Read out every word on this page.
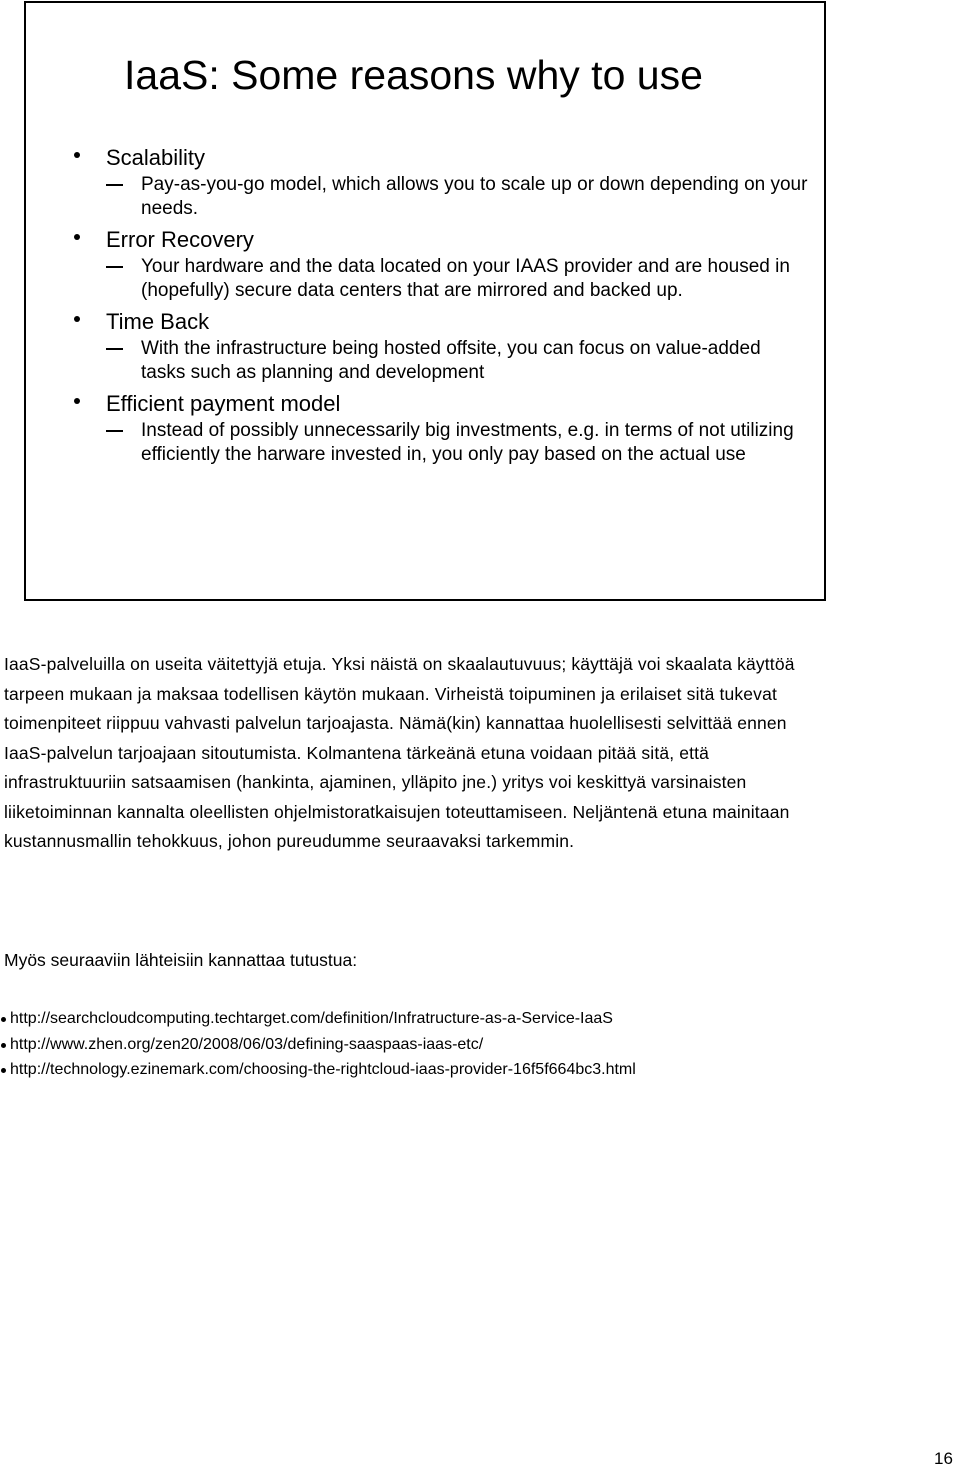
IaaS: Some reasons why to use
Scalability
Pay-as-you-go model, which allows you to scale up or down depending on your needs.
Error Recovery
Your hardware and the data located on your IAAS provider and are housed in (hopefully) secure data centers that are mirrored and backed up.
Time Back
With the infrastructure being hosted offsite, you can focus on value-added tasks such as planning and development
Efficient payment model
Instead of possibly unnecessarily big investments, e.g. in terms of not utilizing efficiently the harware invested in, you only pay based on the actual use

IaaS-palveluilla on useita väitettyjä etuja. Yksi näistä on skaalautuvuus; käyttäjä voi skaalata käyttöä tarpeen mukaan ja maksaa todellisen käytön mukaan. Virheistä toipuminen ja erilaiset sitä tukevat toimenpiteet riippuu vahvasti palvelun tarjoajasta. Nämä(kin) kannattaa huolellisesti selvittää ennen IaaS-palvelun tarjoajaan sitoutumista. Kolmantena tärkeänä etuna voidaan pitää sitä, että infrastruktuuriin satsaamisen (hankinta, ajaminen, ylläpito jne.) yritys voi keskittyä varsinaisten liiketoiminnan kannalta oleellisten ohjelmistoratkaisujen toteuttamiseen. Neljäntenä etuna mainitaan kustannusmallin tehokkuus, johon pureudumme seuraavaksi tarkemmin.

Myös seuraaviin lähteisiin kannattaa tutustua:

http://searchcloudcomputing.techtarget.com/definition/Infratructure-as-a-Service-IaaS
http://www.zhen.org/zen20/2008/06/03/defining-saaspaas-iaas-etc/
http://technology.ezinemark.com/choosing-the-rightcloud-iaas-provider-16f5f664bc3.html
16
